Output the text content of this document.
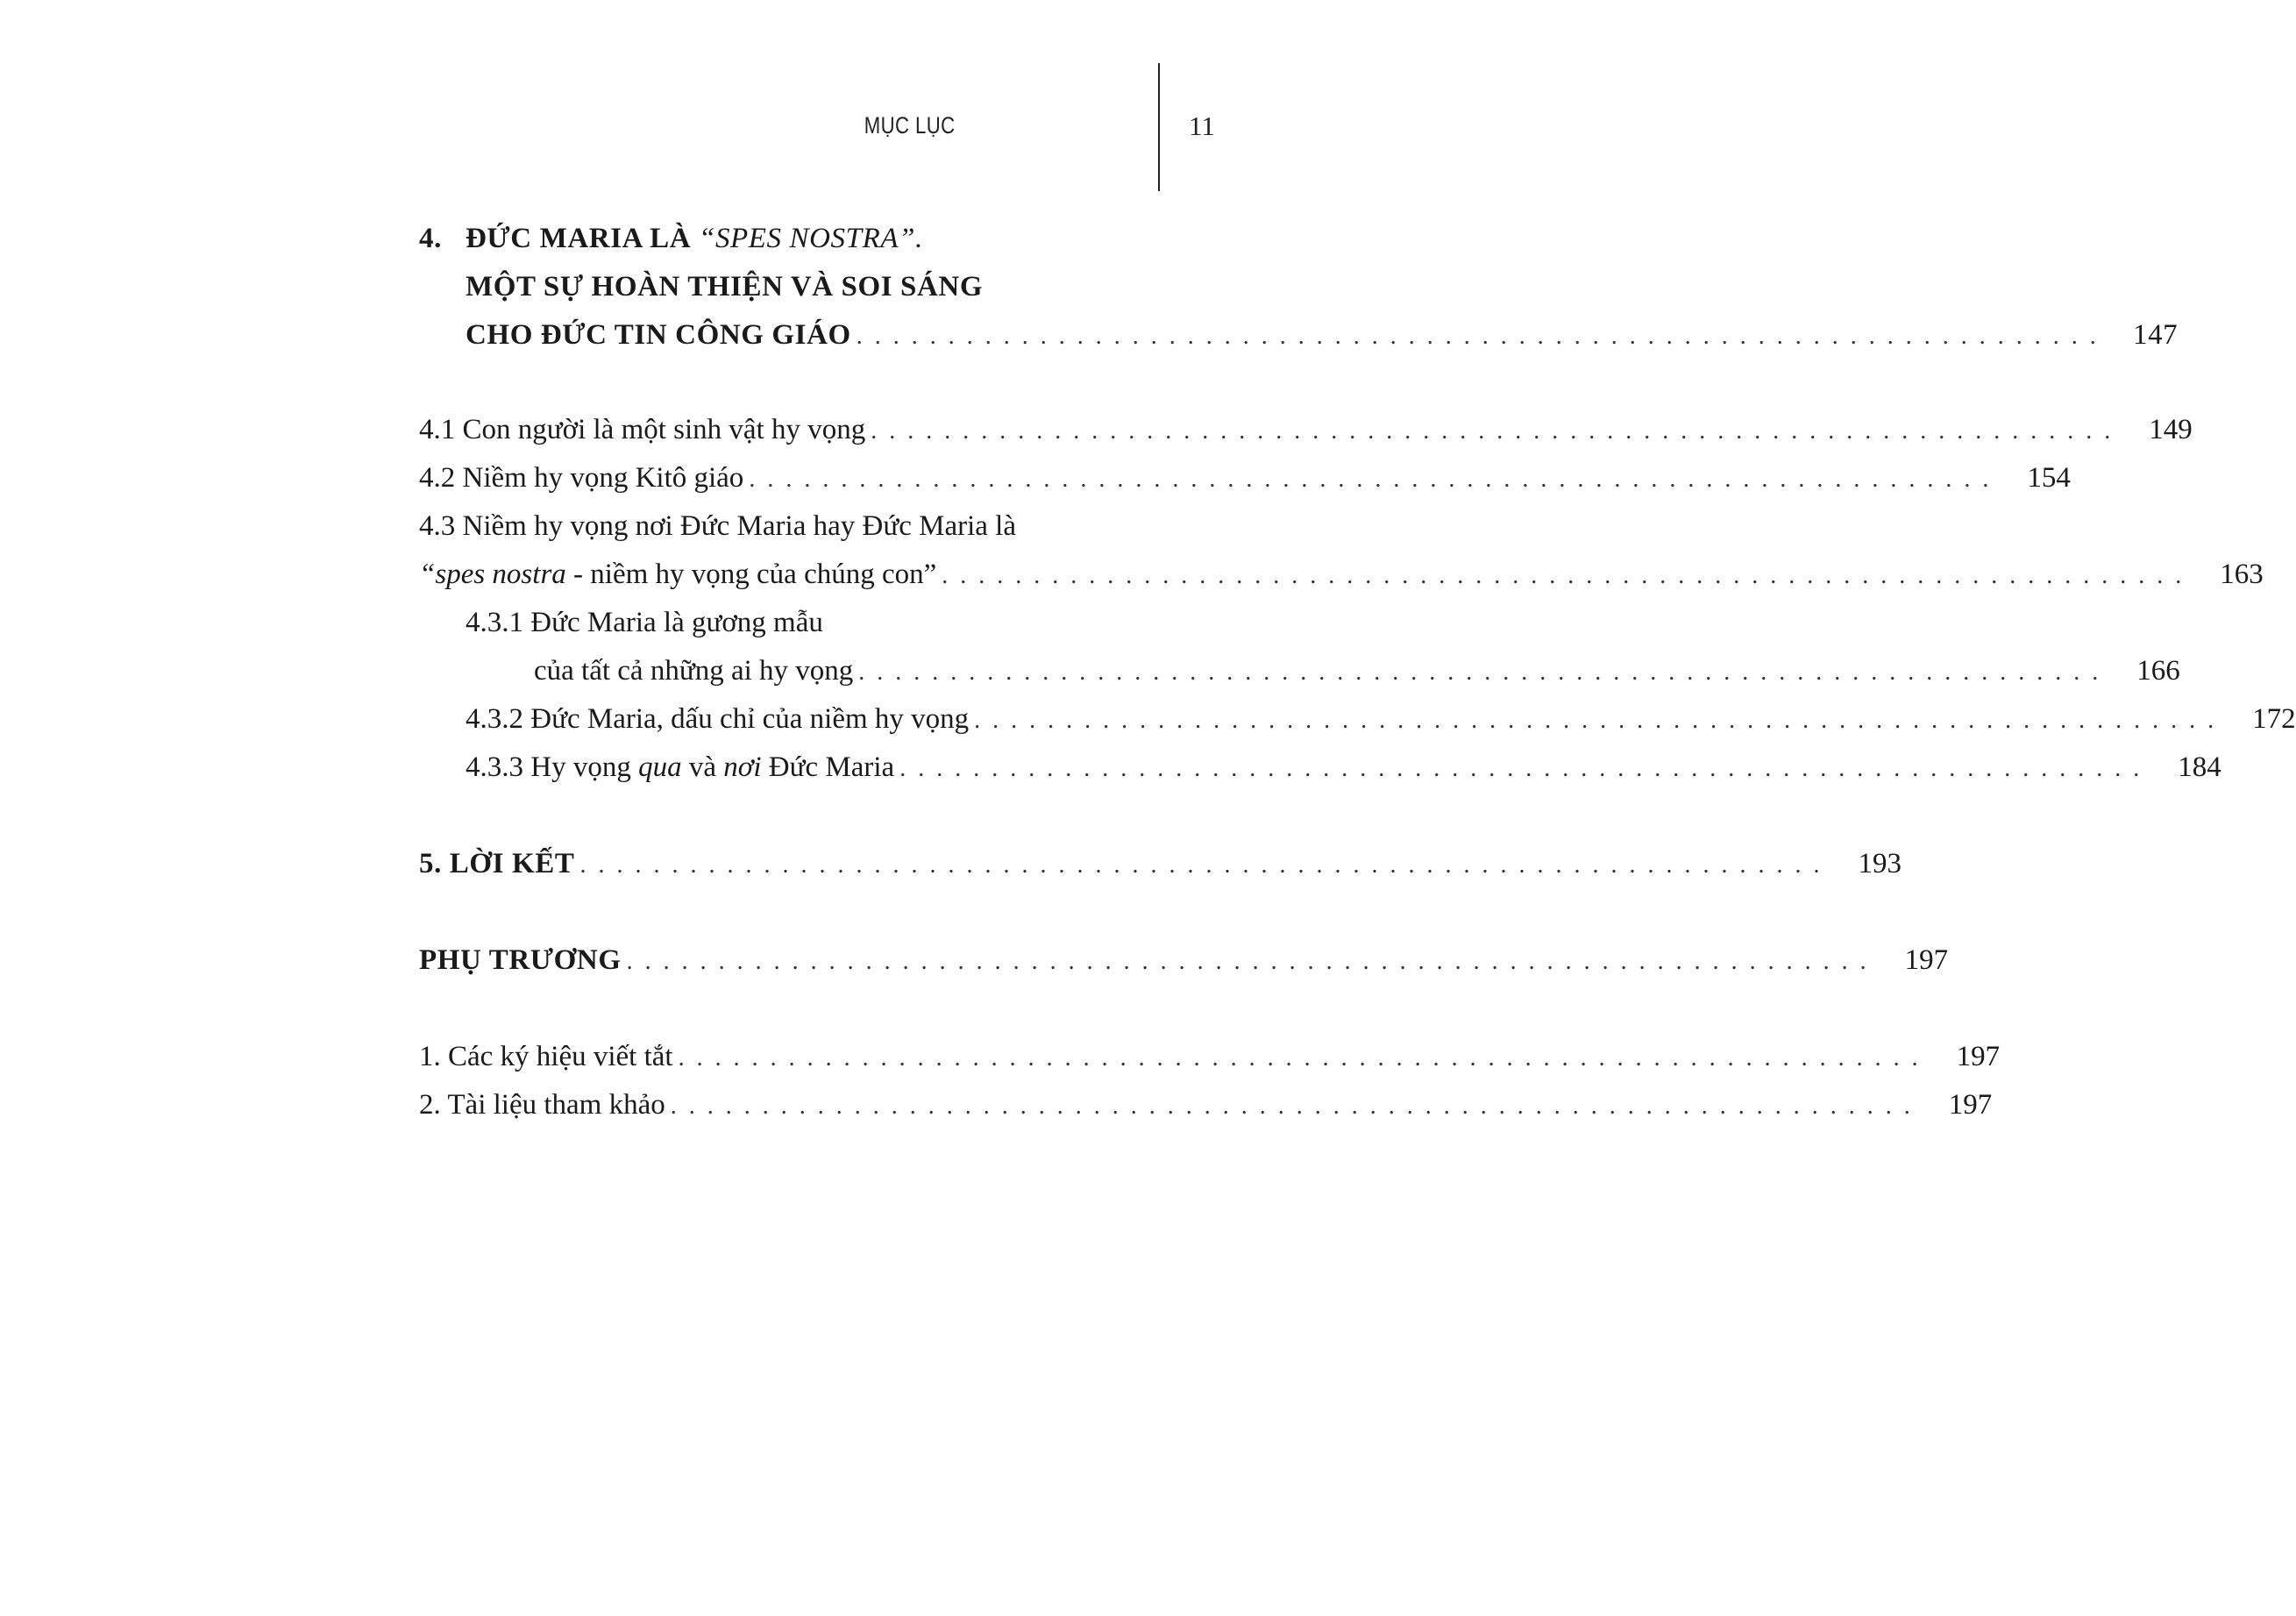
MỤC LỤC	11
4. ĐỨC MARIA LÀ “SPES NOSTRA”.
MỘT SỰ HOÀN THIỆN VÀ SOI SÁNG
CHO ĐỨC TIN CÔNG GIÁO . . . . . . . . . . . . . . . . . . . . . . . . . . . . . . . . . . . . . . . . . . . . . . . . . . . . . . . . . . . . . . . . . . . .	147
4.1 Con người là một sinh vật hy vọng . . . . . . . . . . . . . . . . . . . . . . . . . . . . . . . . . . . . . . . . . . . . . . . . . . . . . . . . . . . . . . . . . . . .	149
4.2 Niềm hy vọng Kitô giáo . . . . . . . . . . . . . . . . . . . . . . . . . . . . . . . . . . . . . . . . . . . . . . . . . . . . . . . . . . . . . . . . . . . .	154
4.3 Niềm hy vọng nơi Đức Maria hay Đức Maria là
“spes nostra - niềm hy vọng của chúng con” . . . . . . . . . . . . . . . . . . . . . . . . . . . . . . . . . . . . . . . . . . . . . . . . . . . . . . . . . . . . . . . . . . . .	163
4.3.1 Đức Maria là gương mẫu
của tất cả những ai hy vọng . . . . . . . . . . . . . . . . . . . . . . . . . . . . . . . . . . . . . . . . . . . . . . . . . . . . . . . . . . . . . . . . . . . .	166
4.3.2 Đức Maria, dấu chỉ của niềm hy vọng . . . . . . . . . . . . . . . . . . . . . . . . . . . . . . . . . . . . . . . . . . . . . . . . . . . . . . . . . . . . . . . . . . . .	172
4.3.3 Hy vọng qua và nơi Đức Maria . . . . . . . . . . . . . . . . . . . . . . . . . . . . . . . . . . . . . . . . . . . . . . . . . . . . . . . . . . . . . . . . . . . .	184
5. LỜI KẾT . . . . . . . . . . . . . . . . . . . . . . . . . . . . . . . . . . . . . . . . . . . . . . . . . . . . . . . . . . . . . . . . . . . .	193
PHỤ TRƯƠNG . . . . . . . . . . . . . . . . . . . . . . . . . . . . . . . . . . . . . . . . . . . . . . . . . . . . . . . . . . . . . . . . . . . .	197
1. Các ký hiệu viết tắt . . . . . . . . . . . . . . . . . . . . . . . . . . . . . . . . . . . . . . . . . . . . . . . . . . . . . . . . . . . . . . . . . . . .	197
2. Tài liệu tham khảo . . . . . . . . . . . . . . . . . . . . . . . . . . . . . . . . . . . . . . . . . . . . . . . . . . . . . . . . . . . . . . . . . . . .	197
